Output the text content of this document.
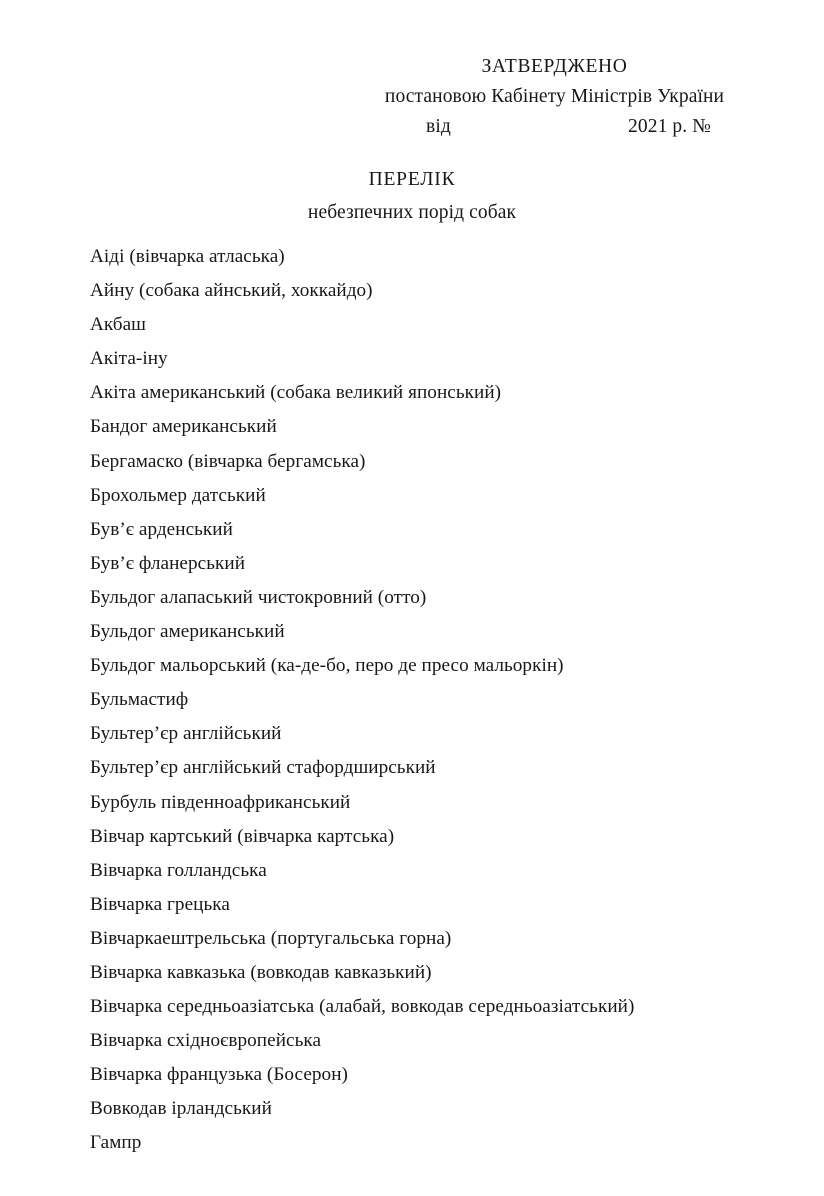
ЗАТВЕРДЖЕНО
постановою Кабінету Міністрів України
від	2021 р. №
ПЕРЕЛІК
небезпечних порід собак
Аіді (вівчарка атласька)
Айну (собака айнський, хоккайдо)
Акбаш
Акіта-іну
Акіта американський (собака великий японський)
Бандог американський
Бергамаско (вівчарка бергамська)
Брохольмер датський
Був’є арденський
Був’є фланерський
Бульдог алапаський чистокровний (отто)
Бульдог американський
Бульдог мальорський (ка-де-бо, перо де пресо мальоркін)
Бульмастиф
Бультер’єр англійський
Бультер’єр англійський стафордширський
Бурбуль південноафриканський
Вівчар картський (вівчарка картська)
Вівчарка голландська
Вівчарка грецька
Вівчаркаештрельська (португальська горна)
Вівчарка кавказька (вовкодав кавказький)
Вівчарка середньоазіатська (алабай, вовкодав середньоазіатський)
Вівчарка східноєвропейська
Вівчарка французька (Босерон)
Вовкодав ірландський
Гампр
